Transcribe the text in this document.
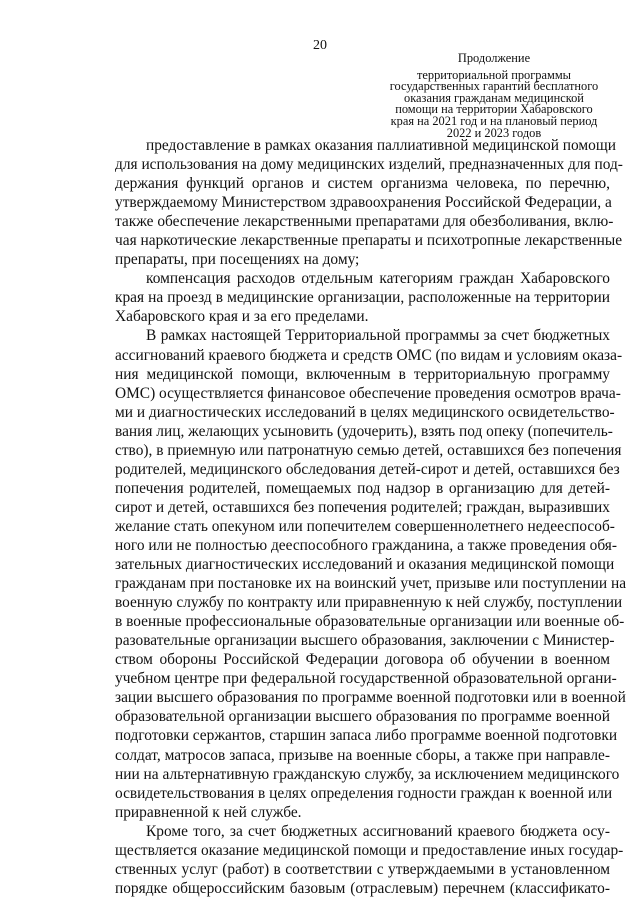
20
Продолжение
территориальной программы
государственных гарантий бесплатного
оказания гражданам медицинской
помощи на территории Хабаровского
края на 2021 год и на плановый период
2022 и 2023 годов
предоставление в рамках оказания паллиативной медицинской помощи
для использования на дому медицинских изделий, предназначенных для под-
держания функций органов и систем организма человека, по перечню,
утверждаемому Министерством здравоохранения Российской Федерации, а
также обеспечение лекарственными препаратами для обезболивания, вклю-
чая наркотические лекарственные препараты и психотропные лекарственные
препараты, при посещениях на дому;
компенсация расходов отдельным категориям граждан Хабаровского
края на проезд в медицинские организации, расположенные на территории
Хабаровского края и за его пределами.
В рамках настоящей Территориальной программы за счет бюджетных
ассигнований краевого бюджета и средств ОМС (по видам и условиям оказа-
ния медицинской помощи, включенным в территориальную программу
ОМС) осуществляется финансовое обеспечение проведения осмотров врача-
ми и диагностических исследований в целях медицинского освидетельство-
вания лиц, желающих усыновить (удочерить), взять под опеку (попечитель-
ство), в приемную или патронатную семью детей, оставшихся без попечения
родителей, медицинского обследования детей-сирот и детей, оставшихся без
попечения родителей, помещаемых под надзор в организацию для детей-
сирот и детей, оставшихся без попечения родителей; граждан, выразивших
желание стать опекуном или попечителем совершеннолетнего недееспособ-
ного или не полностью дееспособного гражданина, а также проведения обя-
зательных диагностических исследований и оказания медицинской помощи
гражданам при постановке их на воинский учет, призыве или поступлении на
военную службу по контракту или приравненную к ней службу, поступлении
в военные профессиональные образовательные организации или военные об-
разовательные организации высшего образования, заключении с Министер-
ством обороны Российской Федерации договора об обучении в военном
учебном центре при федеральной государственной образовательной органи-
зации высшего образования по программе военной подготовки или в военной
образовательной организации высшего образования по программе военной
подготовки сержантов, старшин запаса либо программе военной подготовки
солдат, матросов запаса, призыве на военные сборы, а также при направле-
нии на альтернативную гражданскую службу, за исключением медицинского
освидетельствования в целях определения годности граждан к военной или
приравненной к ней службе.
Кроме того, за счет бюджетных ассигнований краевого бюджета осу-
ществляется оказание медицинской помощи и предоставление иных государ-
ственных услуг (работ) в соответствии с утверждаемыми в установленном
порядке общероссийским базовым (отраслевым) перечнем (классификато-
